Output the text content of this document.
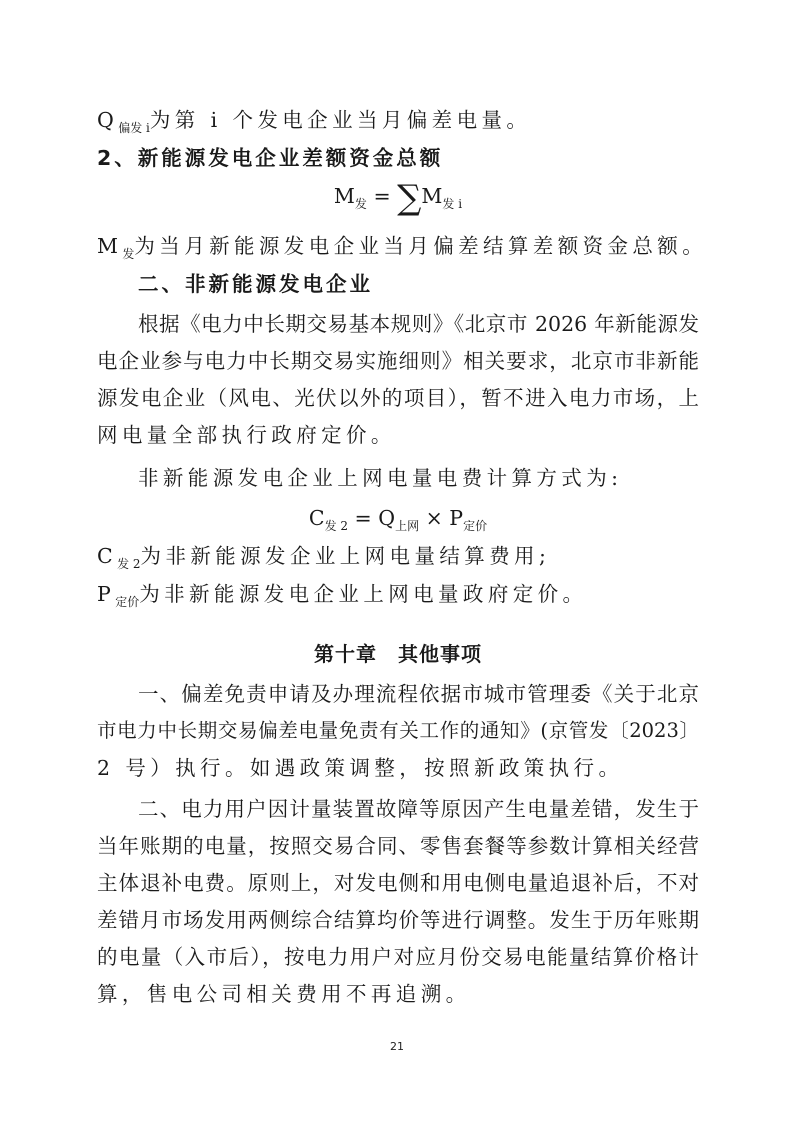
$Q_{偏发 i}$为第 i 个发电企业当月偏差电量。
2、新能源发电企业差额资金总额
$M_发 = \sum M_{发 i}$
$M_发$为当月新能源发电企业当月偏差结算差额资金总额。
二、非新能源发电企业
根据《电力中长期交易基本规则》《北京市 2026 年新能源发
电企业参与电力中长期交易实施细则》相关要求，北京市非新能
源发电企业（风电、光伏以外的项目），暂不进入电力市场，上
网电量全部执行政府定价。
非新能源发电企业上网电量电费计算方式为:
$C_{发 2} = Q_{上网} \times P_{定价}$
$C_{发 2}$为非新能源发企业上网电量结算费用;
$P_{定价}$为非新能源发电企业上网电量政府定价。
第十章　其他事项
一、偏差免责申请及办理流程依据市城市管理委《关于北京
市电力中长期交易偏差电量免责有关工作的通知》(京管发〔2023〕
2 号）执行。如遇政策调整，按照新政策执行。
二、电力用户因计量装置故障等原因产生电量差错，发生于
当年账期的电量，按照交易合同、零售套餐等参数计算相关经营
主体退补电费。原则上，对发电侧和用电侧电量追退补后，不对
差错月市场发用两侧综合结算均价等进行调整。发生于历年账期
的电量（入市后），按电力用户对应月份交易电能量结算价格计
算，售电公司相关费用不再追溯。
21
